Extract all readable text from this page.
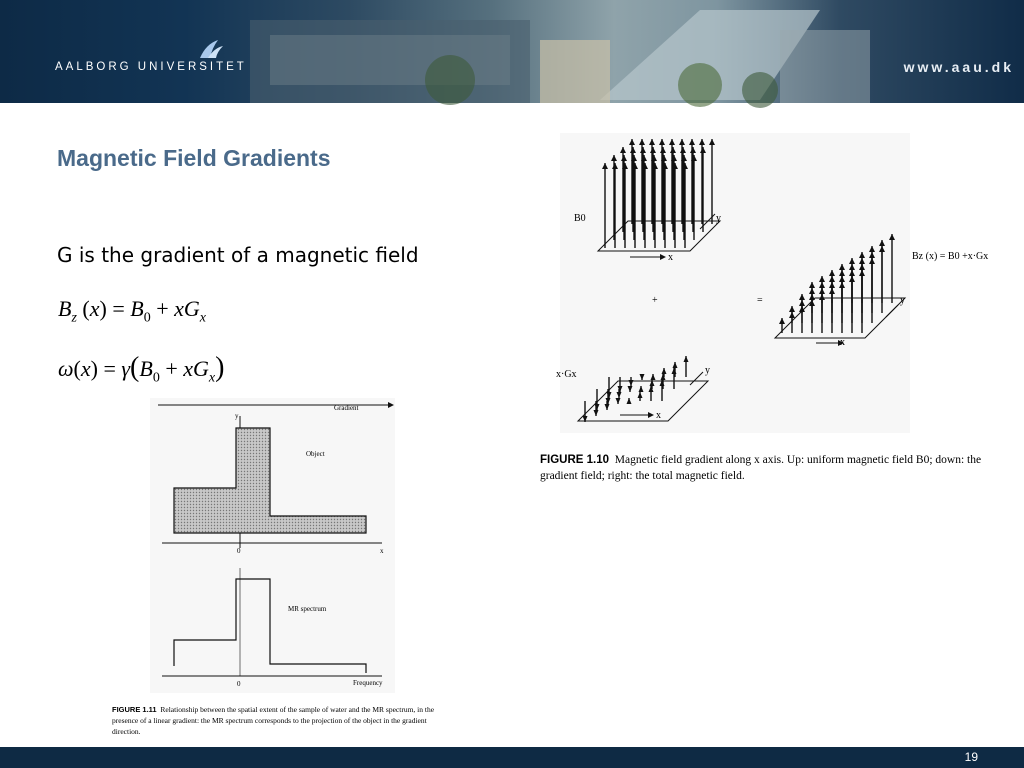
AALBORG UNIVERSITET	www.aau.dk
Magnetic Field Gradients
G is the gradient of a magnetic field
$B_z$ $(x) = B_0 + xG_x$
$\omega(x) = \gamma(B_0 + xG_x)$
B0
x
y
x·Gx
x
y
+	=
Bz (x) = B0 +x·Gx
x
y
FIGURE 1.10 Magnetic field gradient along x axis. Up: uniform magnetic field B0; down: the gradient field; right: the total magnetic field.
Gradient
y
0	x
Object
0
MR spectrum
Frequency
FIGURE 1.11 Relationship between the spatial extent of the sample of water and the MR spectrum, in the presence of a linear gradient: the MR spectrum corresponds to the projection of the object in the gradient direction.
19
